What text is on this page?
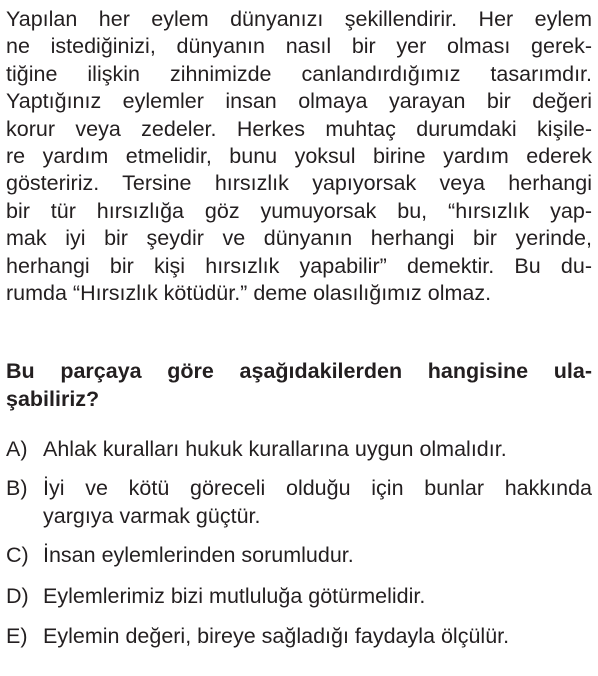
Yapılan her eylem dünyanızı şekillendirir. Her eylem
ne istediğinizi, dünyanın nasıl bir yer olması gerek-
tiğine ilişkin zihnimizde canlandırdığımız tasarımdır.
Yaptığınız eylemler insan olmaya yarayan bir değeri
korur veya zedeler. Herkes muhtaç durumdaki kişile-
re yardım etmelidir, bunu yoksul birine yardım ederek
gösteririz. Tersine hırsızlık yapıyorsak veya herhangi
bir tür hırsızlığa göz yumuyorsak bu, “hırsızlık yap-
mak iyi bir şeydir ve dünyanın herhangi bir yerinde,
herhangi bir kişi hırsızlık yapabilir” demektir. Bu du-
rumda “Hırsızlık kötüdür.” deme olasılığımız olmaz.
Bu parçaya göre aşağıdakilerden hangisine ula-
şabiliriz?
A) Ahlak kuralları hukuk kurallarına uygun olmalıdır.
B) İyi ve kötü göreceli olduğu için bunlar hakkında
yargıya varmak güçtür.
C) İnsan eylemlerinden sorumludur.
D) Eylemlerimiz bizi mutluluğa götürmelidir.
E) Eylemin değeri, bireye sağladığı faydayla ölçülür.
